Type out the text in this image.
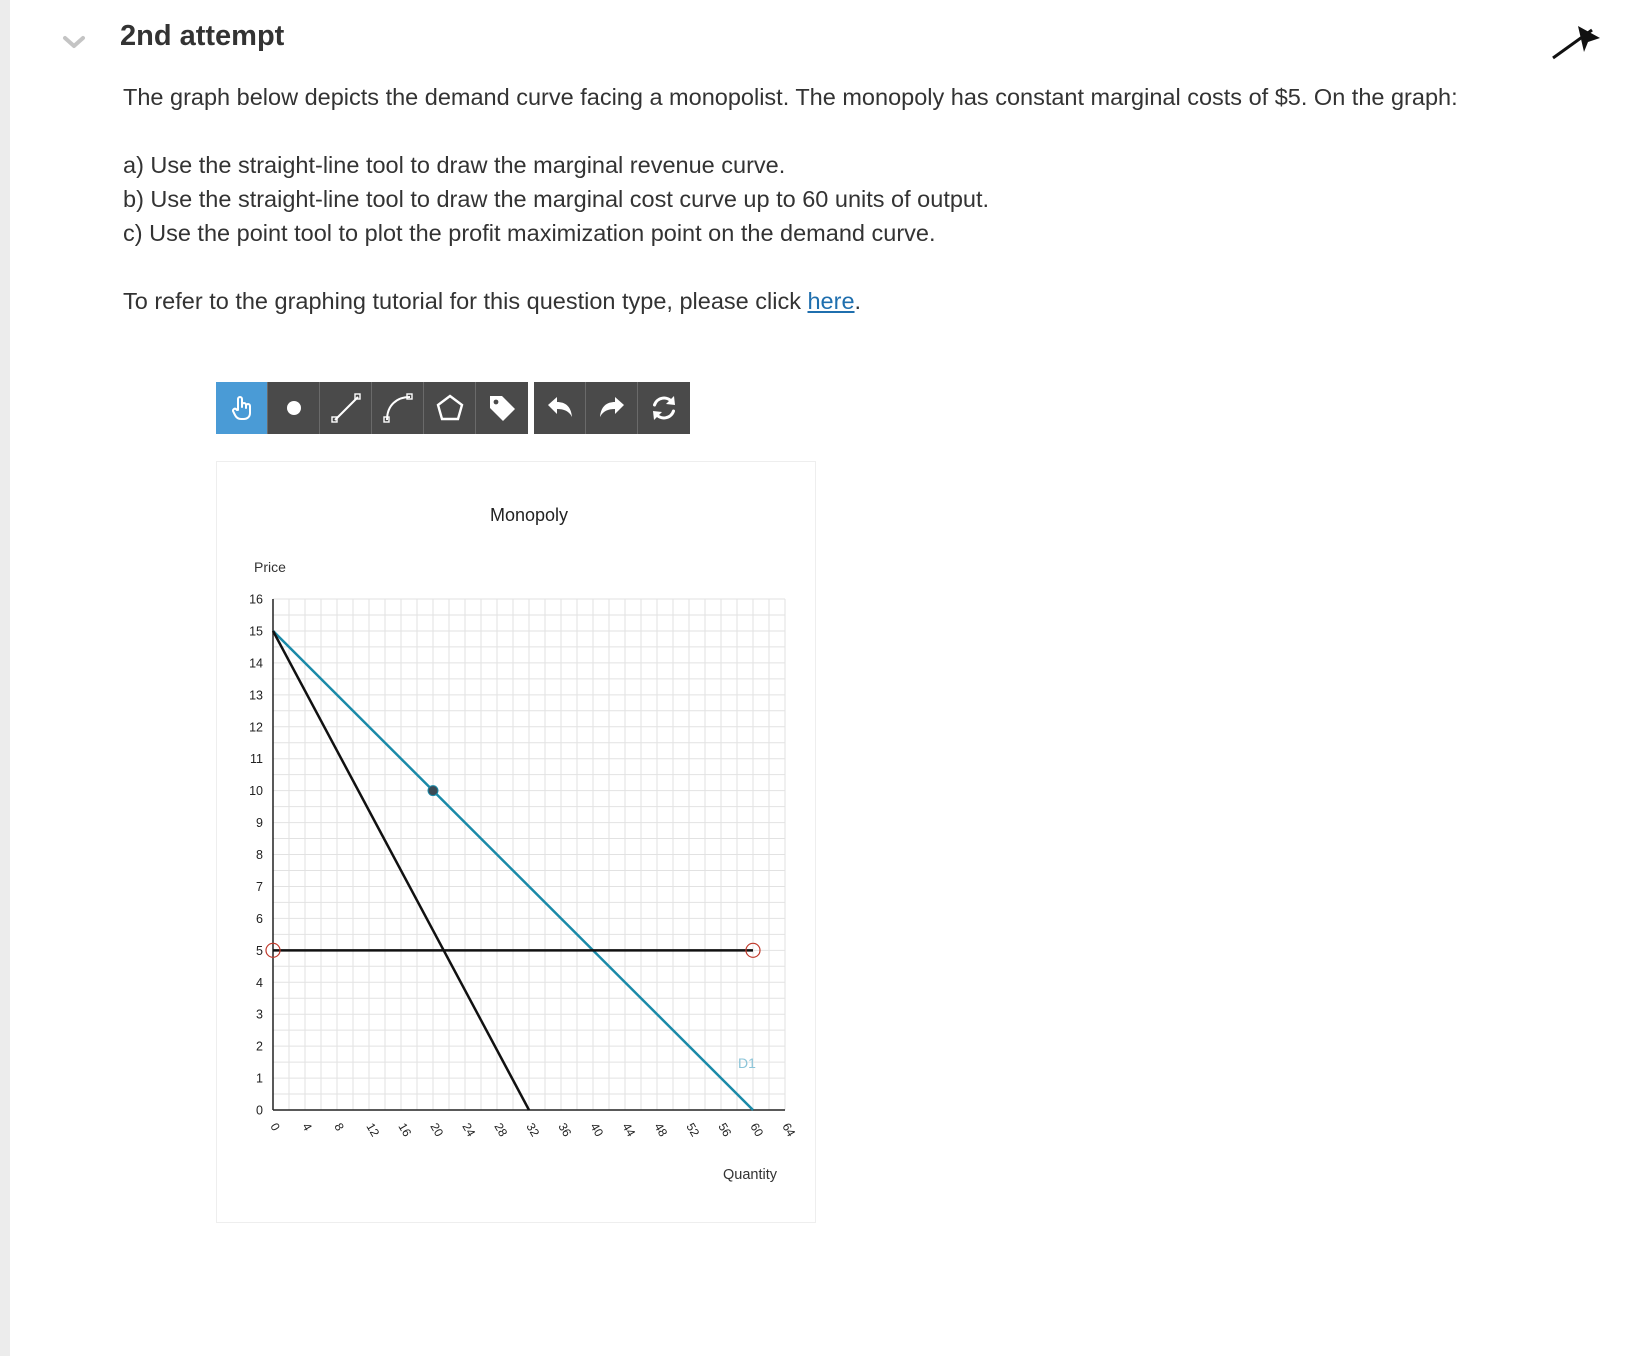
2nd attempt

The graph below depicts the demand curve facing a monopolist. The monopoly has constant marginal costs of $5. On the graph:

a) Use the straight-line tool to draw the marginal revenue curve.

b) Use the straight-line tool to draw the marginal cost curve up to 60 units of output.

c) Use the point tool to plot the profit maximization point on the demand curve.

To refer to the graphing tutorial for this question type, please click here.

Monopoly
Price
Quantity
0
1
2
3
4
5
6
7
8
9
10
11
12
13
14
15
16
0 4 8 12 16 20 24 28 32 36 40 44 48 52 56 60 64
D1
